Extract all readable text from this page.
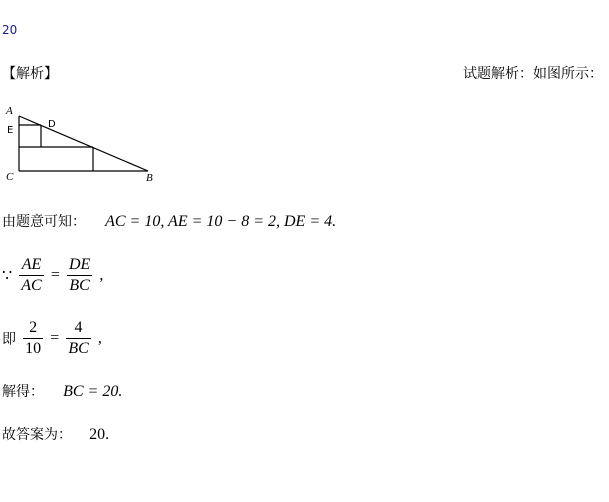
20
【解析】	试题解析：如图所示：
A
E
D
C	B
由题意可知： AC = 10, AE = 10 − 8 = 2, DE = 4.
∵ $\frac{AE}{AC} = \frac{DE}{BC}$ ,
即 $\frac{2}{10} = \frac{4}{BC}$ ,
解得： BC = 20.
故答案为： 20.
